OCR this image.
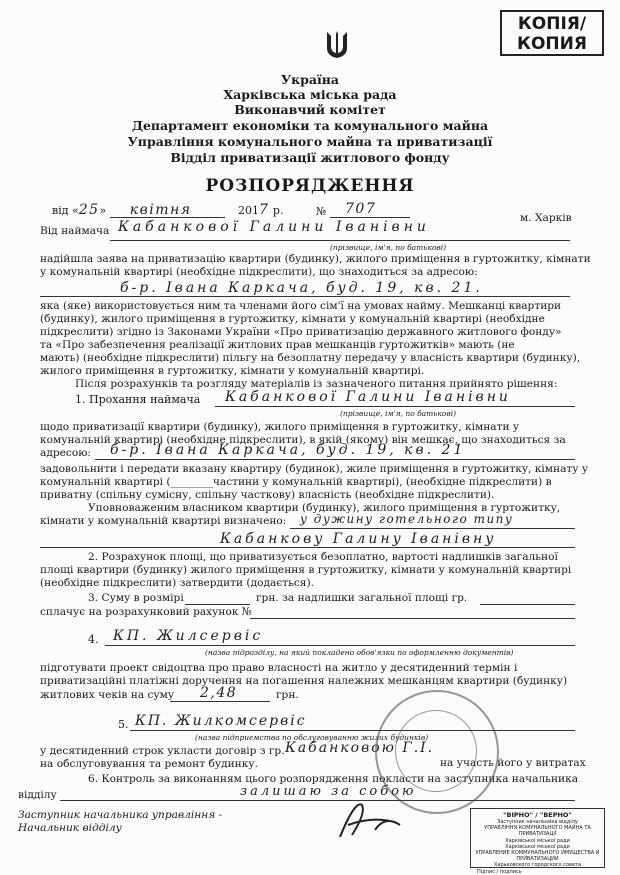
КОПІЯ/
КОПИЯ
Україна
Харківська міська рада
Виконавчий комітет
Департамент економіки та комунального майна
Управління комунального майна та приватизації
Відділ приватизації житлового фонду
РОЗПОРЯДЖЕННЯ
від «25» квітня	2017 р.	№ 707
м. Харків
Від наймача Кабанкової Галини Іванівни
(прізвище, ім'я, по батькові)
надійшла заява на приватизацію квартири (будинку), жилого приміщення в гуртожитку, кімнати
у комунальній квартирі (необхідне підкреслити), що знаходиться за адресою:
б-р. Івана Каркача, буд. 19, кв. 21.
яка (яке) використовується ним та членами його сім'ї на умовах найму. Мешканці квартири
(будинку), жилого приміщення в гуртожитку, кімнати у комунальній квартирі (необхідне
підкреслити) згідно із Законами України «Про приватизацію державного житлового фонду»
та «Про забезпечення реалізації житлових прав мешканців гуртожитків» мають (не
мають) (необхідне підкреслити) пільгу на безоплатну передачу у власність квартири (будинку),
жилого приміщення в гуртожитку, кімнати у комунальній квартирі.
Після розрахунків та розгляду матеріалів із зазначеного питання прийнято рішення:
1. Прохання наймача Кабанкової Галини Іванівни
(прізвище, ім'я, по батькові)
щодо приватизації квартири (будинку), жилого приміщення в гуртожитку, кімнати у
комунальній квартирі (необхідне підкреслити), в якій (якому) він мешкає, що знаходиться за
адресою: б-р. Івана Каркача, буд. 19, кв. 21
задовольнити і передати вказану квартиру (будинок), жиле приміщення в гуртожитку, кімнату у
комунальній квартирі (________частини у комунальній квартирі), (необхідне підкреслити) в
приватну (спільну сумісну, спільну часткову) власність (необхідне підкреслити).
Уповноваженим власником квартири (будинку), жилого приміщення в гуртожитку,
кімнати у комунальній квартирі визначено: у дужину готельного типу
Кабанкову Галину Іванівну
2. Розрахунок площі, що приватизується безоплатно, вартості надлишків загальної
площі квартири (будинку) жилого приміщення в гуртожитку, кімнати у комунальній квартирі
(необхідне підкреслити) затвердити (додається).
3. Суму в розмірі	грн. за надлишки загальної площі гр.
сплачує на розрахунковий рахунок №
4. КП. Жилсервіс
(назва підрозділу, на який покладено обов'язки по оформленню документів)
підготувати проект свідоцтва про право власності на житло у десятиденний термін і
приватизаційні платіжні доручення на погашення належних мешканцям квартири (будинку)
житлових чеків на суму 2,48	грн.
5. КП. Жилкомсервіс
(назва підприємства по обслуговуванню жилих будинків)
у десятиденний строк укласти договір з гр. Кабанковою Г.І.
на участь його у витратах
на обслуговування та ремонт будинку.
6. Контроль за виконанням цього розпорядження покласти на заступника начальника
відділу	залишаю за собою
Заступник начальника управління -
Начальник відділу
"ВІРНО" / "ВЕРНО"
Заступник начальника відділу
УПРАВЛІННЯ КОМУНАЛЬНОГО МАЙНА ТА ПРИВАТИЗАЦІЇ
Харківської міської ради
Харківської міської ради
УПРАВЛЕНИЕ КОММУНАЛЬНОГО ИМУЩЕСТВА И ПРИВАТИЗАЦИИ
Харьковского городского совета
Підпис / подпись
